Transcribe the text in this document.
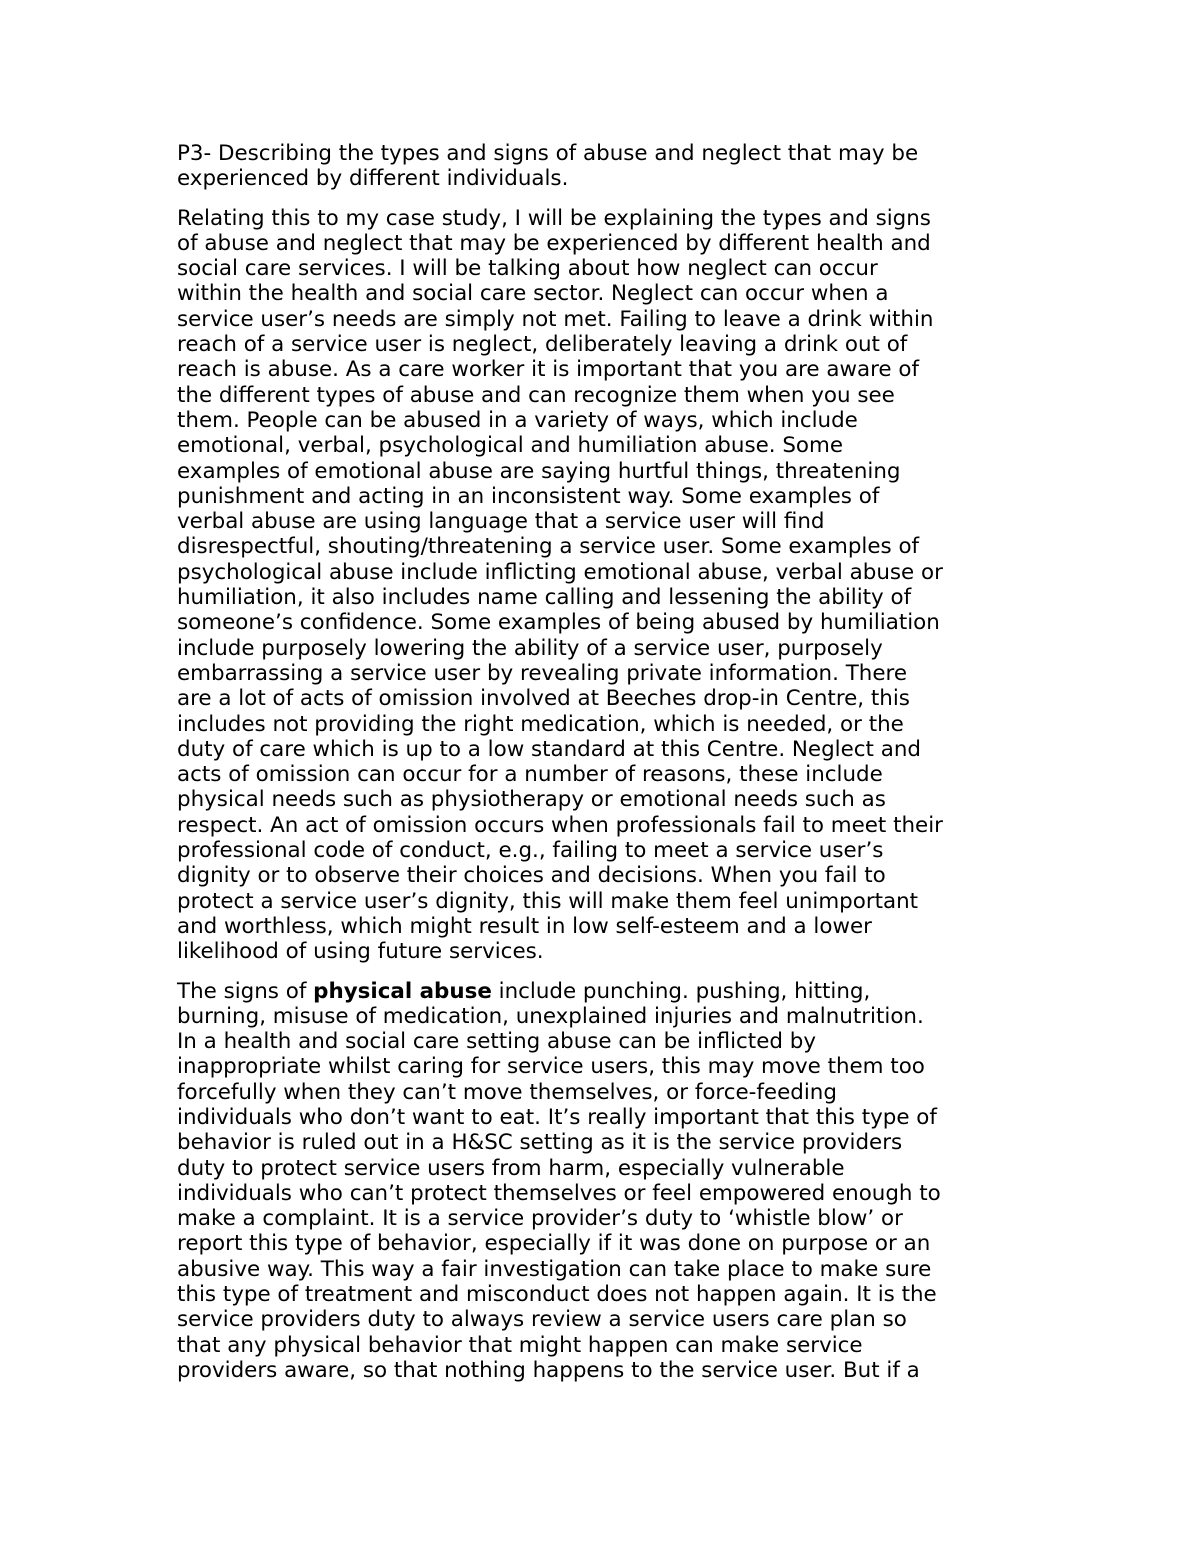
P3- Describing the types and signs of abuse and neglect that may be
experienced by different individuals.
Relating this to my case study, I will be explaining the types and signs
of abuse and neglect that may be experienced by different health and
social care services. I will be talking about how neglect can occur
within the health and social care sector. Neglect can occur when a
service user’s needs are simply not met. Failing to leave a drink within
reach of a service user is neglect, deliberately leaving a drink out of
reach is abuse. As a care worker it is important that you are aware of
the different types of abuse and can recognize them when you see
them. People can be abused in a variety of ways, which include
emotional, verbal, psychological and humiliation abuse. Some
examples of emotional abuse are saying hurtful things, threatening
punishment and acting in an inconsistent way. Some examples of
verbal abuse are using language that a service user will find
disrespectful, shouting/threatening a service user. Some examples of
psychological abuse include inflicting emotional abuse, verbal abuse or
humiliation, it also includes name calling and lessening the ability of
someone’s confidence. Some examples of being abused by humiliation
include purposely lowering the ability of a service user, purposely
embarrassing a service user by revealing private information. There
are a lot of acts of omission involved at Beeches drop-in Centre, this
includes not providing the right medication, which is needed, or the
duty of care which is up to a low standard at this Centre. Neglect and
acts of omission can occur for a number of reasons, these include
physical needs such as physiotherapy or emotional needs such as
respect. An act of omission occurs when professionals fail to meet their
professional code of conduct, e.g., failing to meet a service user’s
dignity or to observe their choices and decisions. When you fail to
protect a service user’s dignity, this will make them feel unimportant
and worthless, which might result in low self-esteem and a lower
likelihood of using future services.
The signs of physical abuse include punching. pushing, hitting,
burning, misuse of medication, unexplained injuries and malnutrition.
In a health and social care setting abuse can be inflicted by
inappropriate whilst caring for service users, this may move them too
forcefully when they can’t move themselves, or force-feeding
individuals who don’t want to eat. It’s really important that this type of
behavior is ruled out in a H&SC setting as it is the service providers
duty to protect service users from harm, especially vulnerable
individuals who can’t protect themselves or feel empowered enough to
make a complaint. It is a service provider’s duty to ‘whistle blow’ or
report this type of behavior, especially if it was done on purpose or an
abusive way. This way a fair investigation can take place to make sure
this type of treatment and misconduct does not happen again. It is the
service providers duty to always review a service users care plan so
that any physical behavior that might happen can make service
providers aware, so that nothing happens to the service user. But if a
